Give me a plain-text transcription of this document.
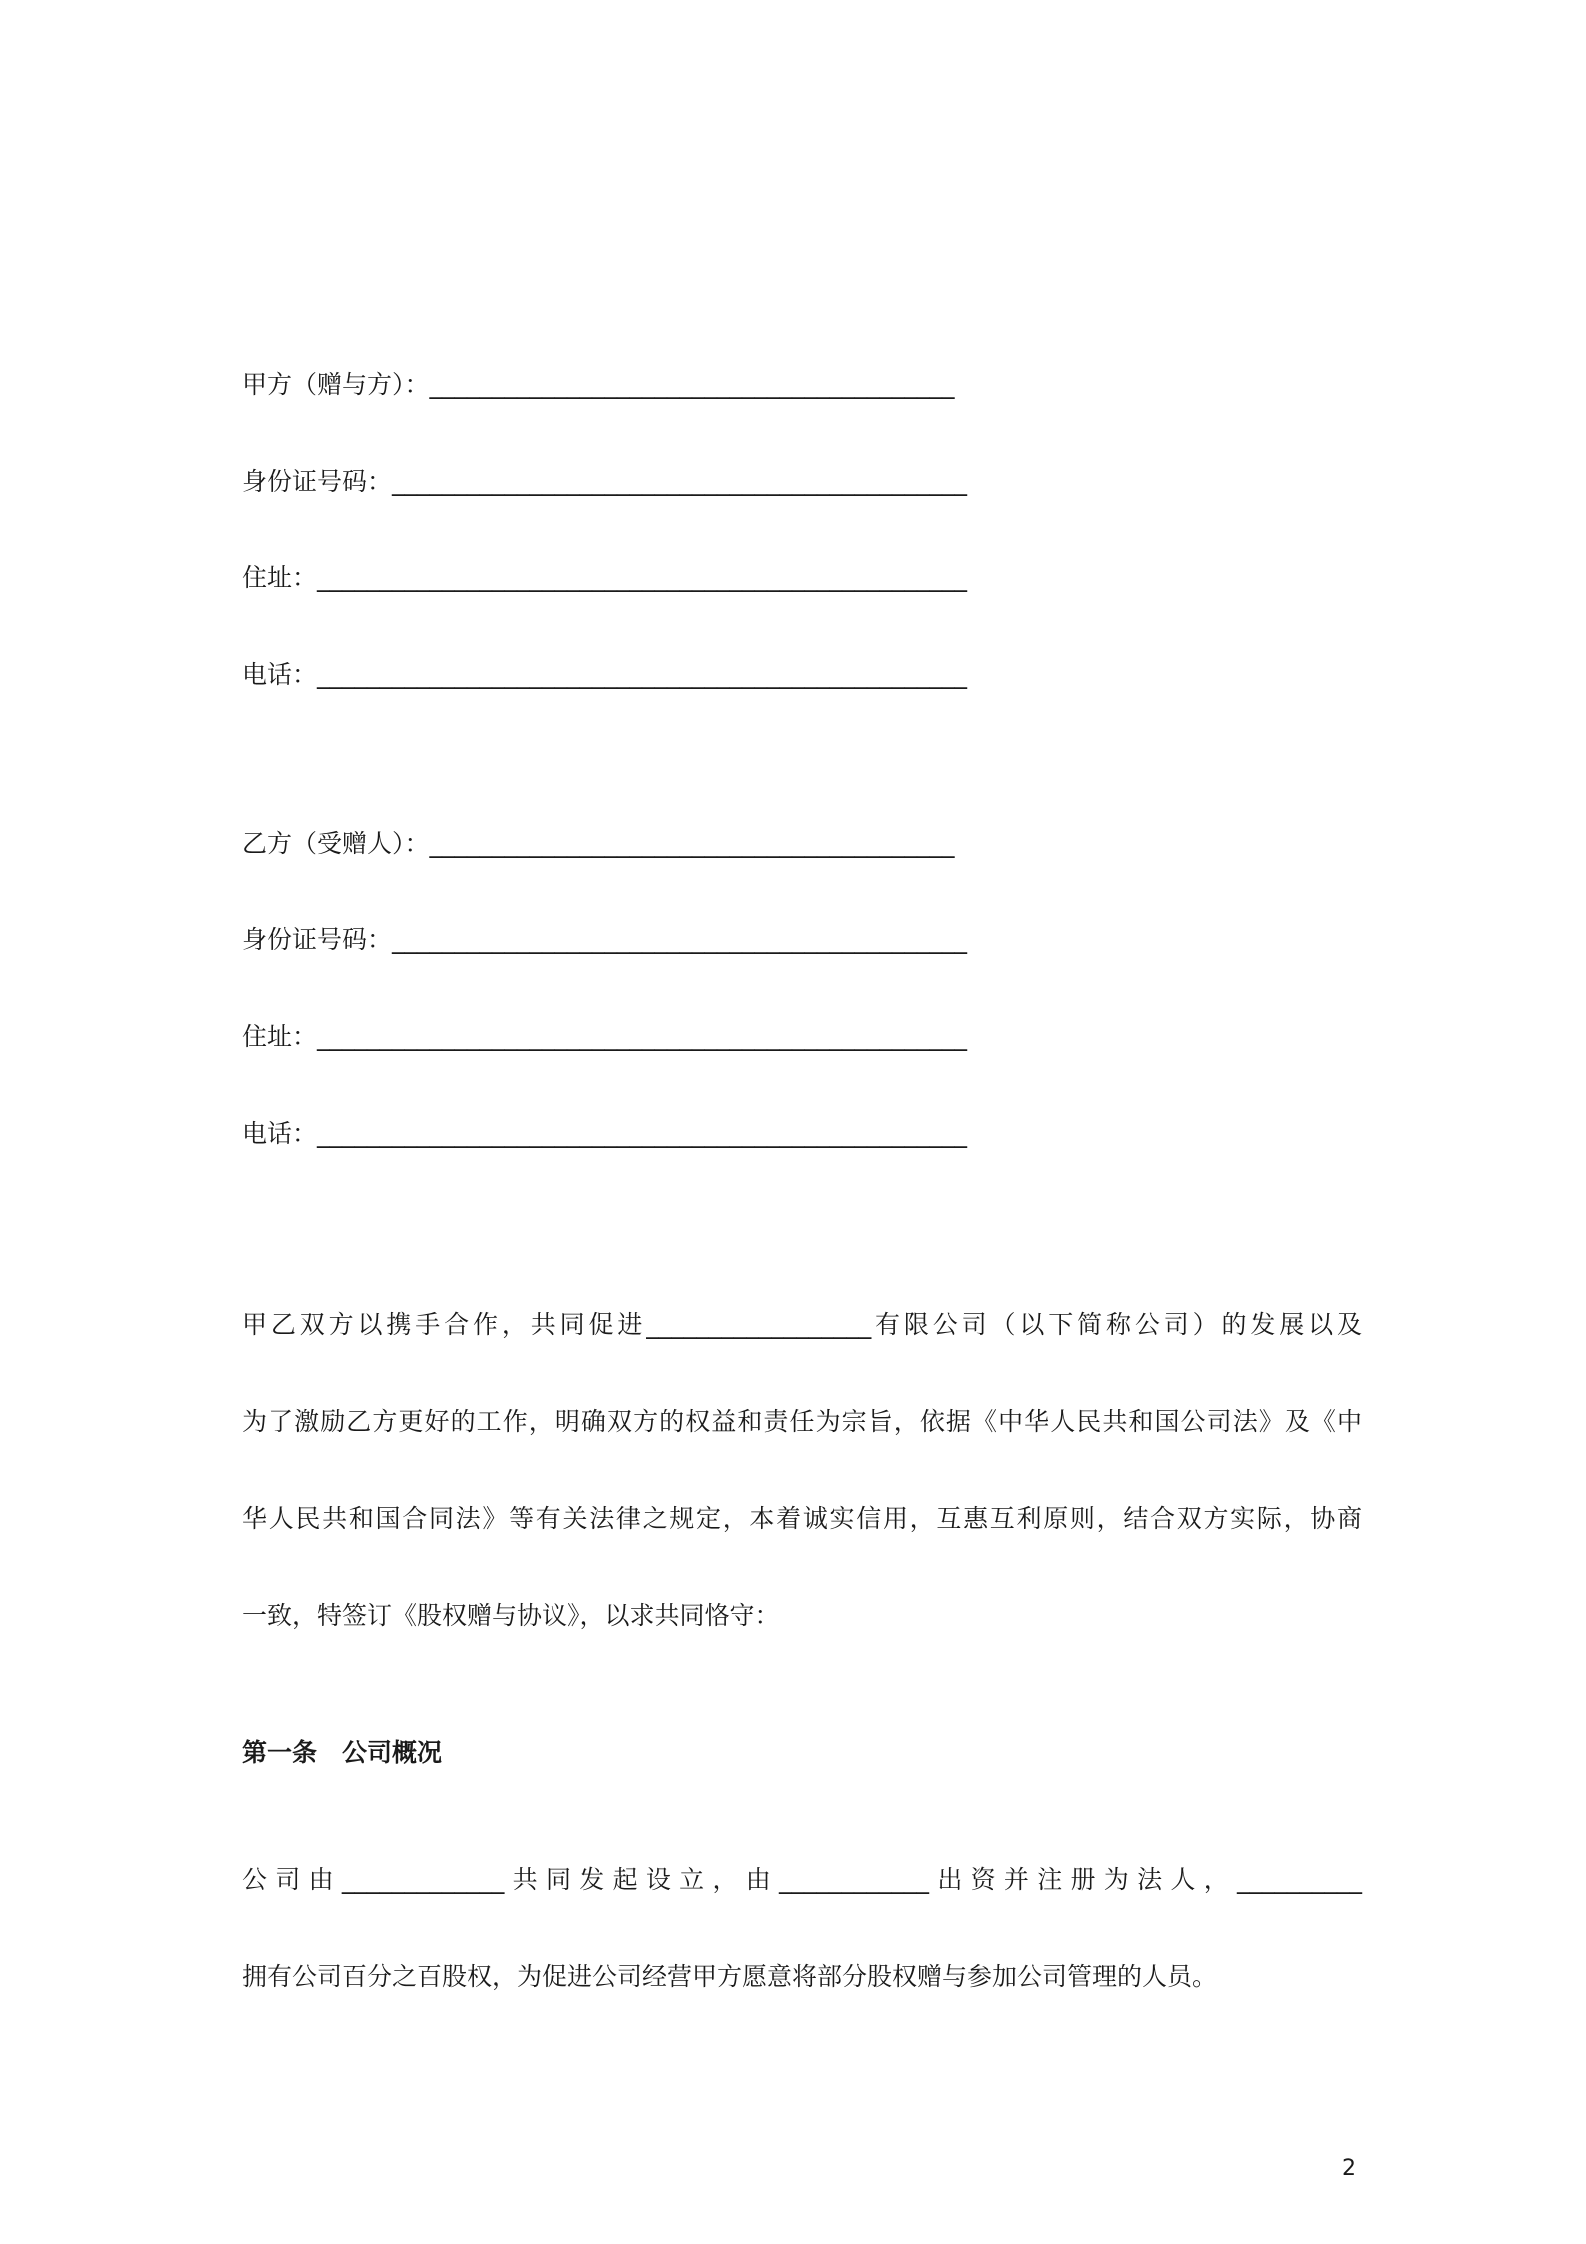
甲方（赠与方）：__________________________________________

身份证号码：______________________________________________

住址：____________________________________________________

电话：____________________________________________________

乙方（受赠人）：__________________________________________

身份证号码：______________________________________________

住址：____________________________________________________

电话：____________________________________________________

甲乙双方以携手合作，共同促进__________________有限公司（以下简称公司）的发展以及
为了激励乙方更好的工作，明确双方的权益和责任为宗旨，依据《中华人民共和国公司法》及《中
华人民共和国合同法》等有关法律之规定，本着诚实信用，互惠互利原则，结合双方实际，协商
一致，特签订《股权赠与协议》，以求共同恪守：

第一条　公司概况

公司由_____________共同发起设立，由____________出资并注册为法人，__________
拥有公司百分之百股权，为促进公司经营甲方愿意将部分股权赠与参加公司管理的人员。

2
